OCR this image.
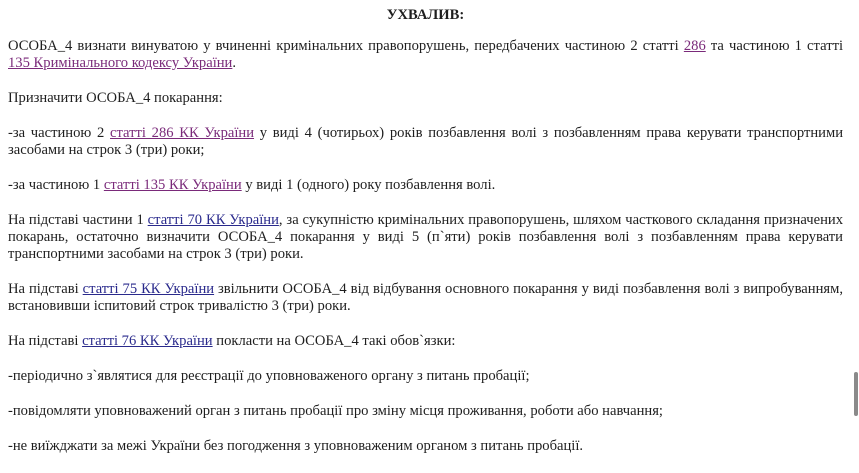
УХВАЛИВ:

ОСОБА_4 визнати винуватою у вчиненні кримінальних правопорушень, передбачених частиною 2 статті 286 та частиною 1 статті 135 Кримінального кодексу України.

Призначити ОСОБА_4 покарання:

-за частиною 2 статті 286 КК України у виді 4 (чотирьох) років позбавлення волі з позбавленням права керувати транспортними засобами на строк 3 (три) роки;

-за частиною 1 статті 135 КК України у виді 1 (одного) року позбавлення волі.

На підставі частини 1 статті 70 КК України, за сукупністю кримінальних правопорушень, шляхом часткового складання призначених покарань, остаточно визначити ОСОБА_4 покарання у виді 5 (п`яти) років позбавлення волі з позбавленням права керувати транспортними засобами на строк 3 (три) роки.

На підставі статті 75 КК України звільнити ОСОБА_4 від відбування основного покарання у виді позбавлення волі з випробуванням, встановивши іспитовий строк тривалістю 3 (три) роки.

На підставі статті 76 КК України покласти на ОСОБА_4 такі обов`язки:

-періодично з`являтися для реєстрації до уповноваженого органу з питань пробації;

-повідомляти уповноважений орган з питань пробації про зміну місця проживання, роботи або навчання;

-не виїжджати за межі України без погодження з уповноваженим органом з питань пробації.
